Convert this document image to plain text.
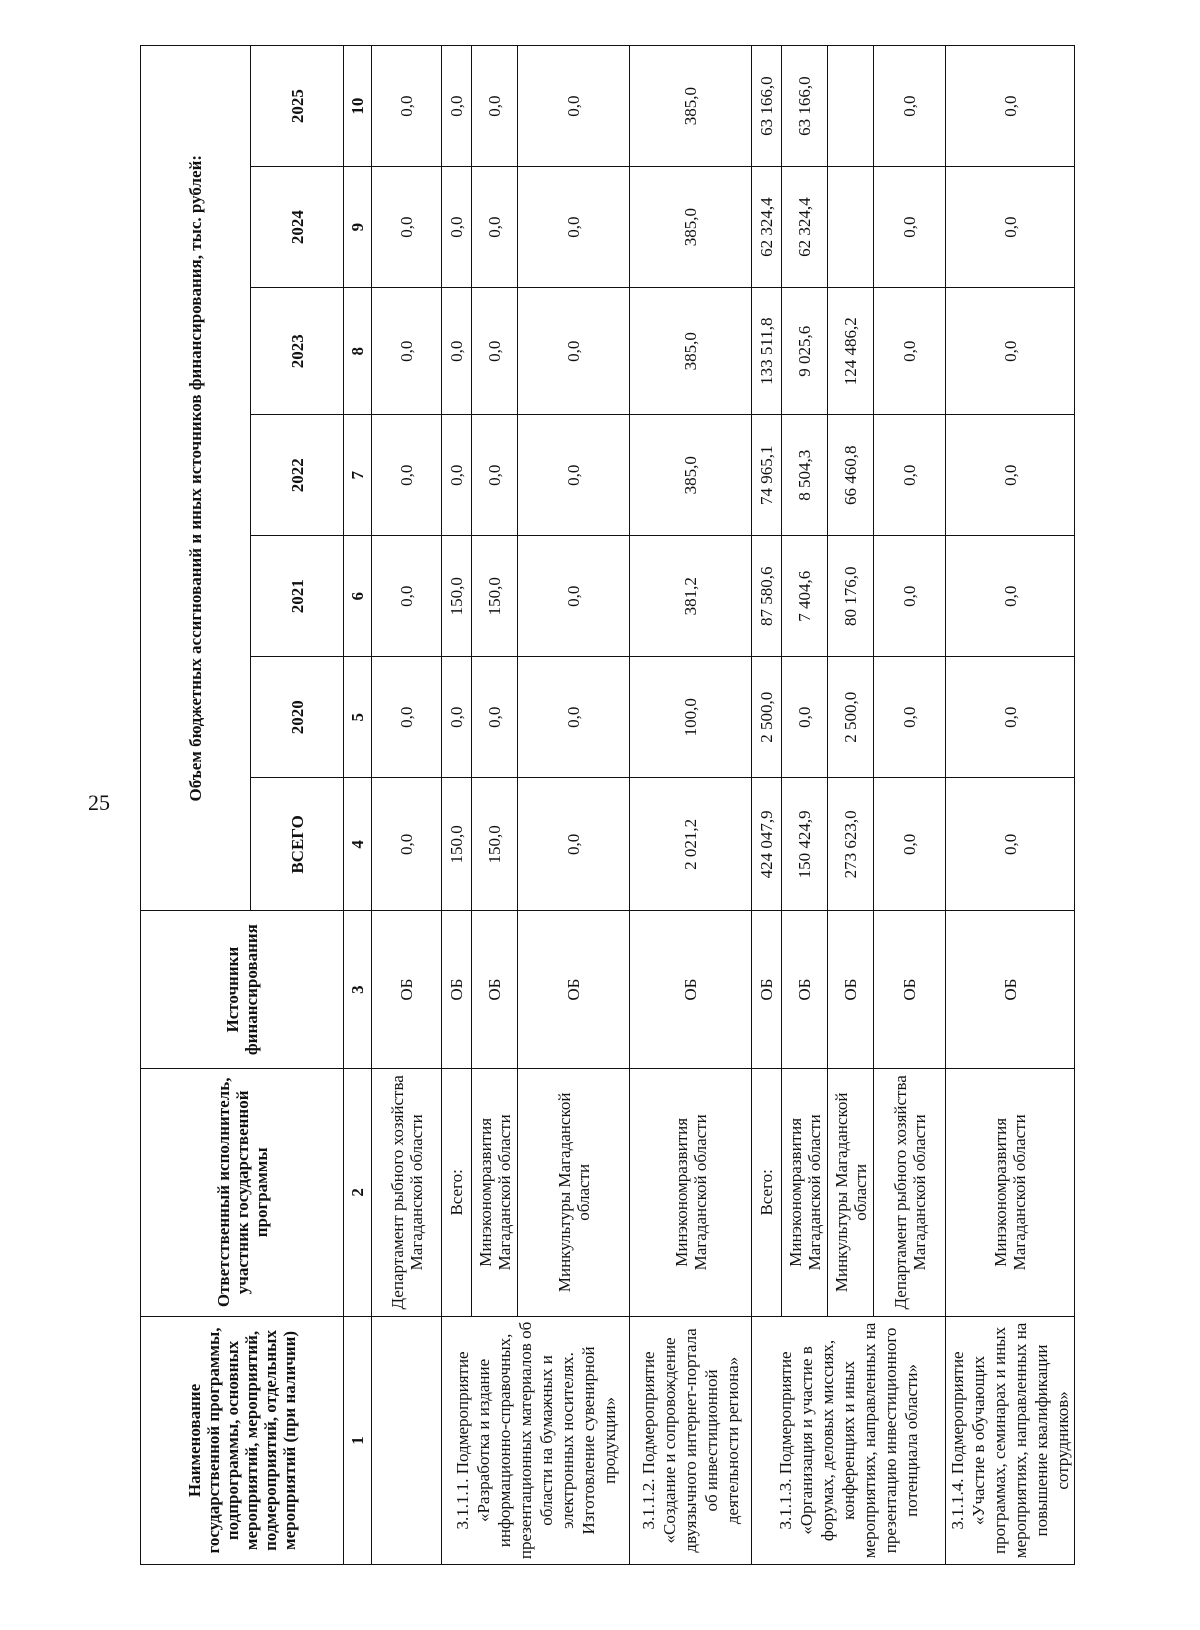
25
Наименование государственной программы, подпрограммы, основных мероприятий, мероприятий, подмероприятий, отдельных мероприятий (при наличии)	Ответственный исполнитель, участник государственной программы	Источники финансирования	Объем бюджетных ассигнований и иных источников финансирования, тыс. рублей:						
			ВСЕГО	2020	2021	2022	2023	2024	2025
1	2	3	4	5	6	7	8	9	10
	Департамент рыбного хозяйства Магаданской области	ОБ	0,0	0,0	0,0	0,0	0,0	0,0	0,0
3.1.1.1. Подмероприятие «Разработка и издание информационно-справочных, презентационных материалов об области на бумажных и электронных носителях. Изготовление сувенирной продукции»	Всего:	ОБ	150,0	0,0	150,0	0,0	0,0	0,0	0,0
	Минэкономразвития Магаданской области	ОБ	150,0	0,0	150,0	0,0	0,0	0,0	0,0
	Минкультуры Магаданской области	ОБ	0,0	0,0	0,0	0,0	0,0	0,0	0,0
3.1.1.2. Подмероприятие «Создание и сопровождение двуязычного интернет-портала об инвестиционной деятельности региона»	Минэкономразвития Магаданской области	ОБ	2 021,2	100,0	381,2	385,0	385,0	385,0	385,0
3.1.1.3. Подмероприятие «Организация и участие в форумах, деловых миссиях, конференциях и иных мероприятиях, направленных на презентацию инвестиционного потенциала области»	Всего:	ОБ	424 047,9	2 500,0	87 580,6	74 965,1	133 511,8	62 324,4	63 166,0
	Минэкономразвития Магаданской области	ОБ	150 424,9	0,0	7 404,6	8 504,3	9 025,6	62 324,4	63 166,0
	Минкультуры Магаданской области	ОБ	273 623,0	2 500,0	80 176,0	66 460,8	124 486,2		
	Департамент рыбного хозяйства Магаданской области	ОБ	0,0	0,0	0,0	0,0	0,0	0,0	0,0
3.1.1.4. Подмероприятие «Участие в обучающих программах, семинарах и иных мероприятиях, направленных на повышение квалификации сотрудников»	Минэкономразвития Магаданской области	ОБ	0,0	0,0	0,0	0,0	0,0	0,0	0,0
